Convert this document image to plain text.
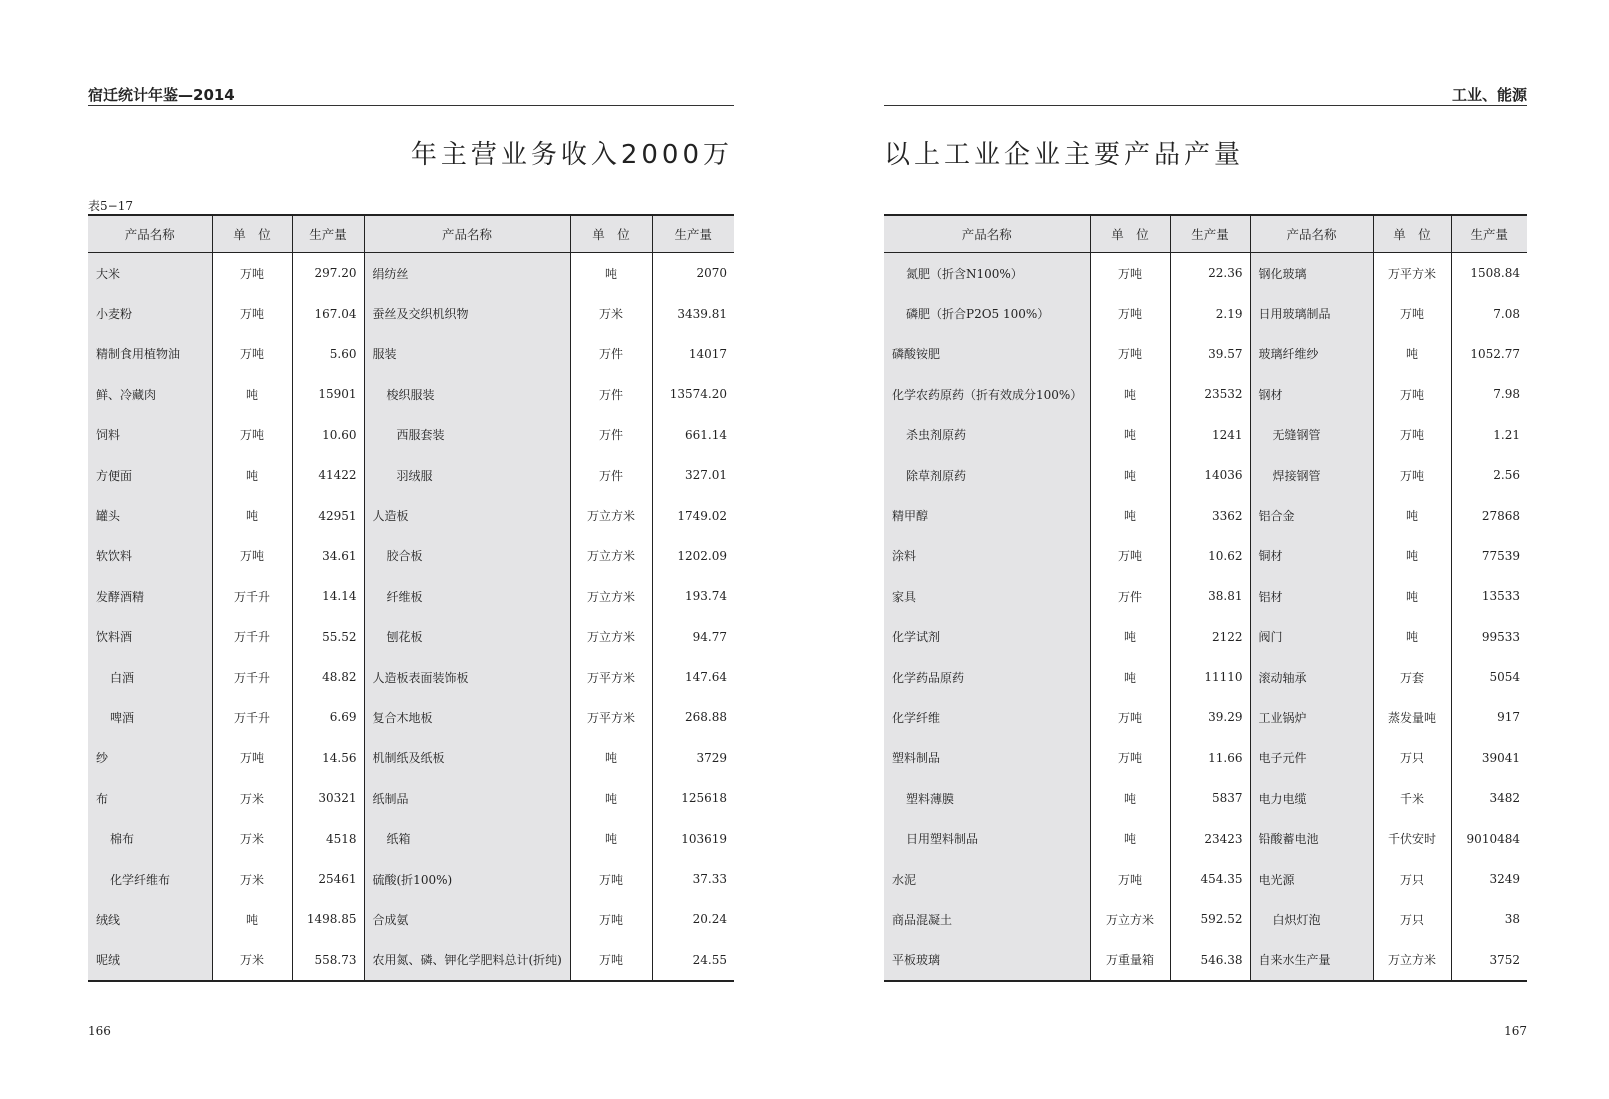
宿迁统计年鉴—2014	工业、能源
年主营业务收入2000万	以上工业企业主要产品产量
表5−17
产品名称	单　位	生产量	产品名称	单　位	生产量
大米	万吨	297.20	绢纺丝	吨	2070
小麦粉	万吨	167.04	蚕丝及交织机织物	万米	3439.81
精制食用植物油	万吨	5.60	服装	万件	14017
鲜、冷藏肉	吨	15901	梭织服装	万件	13574.20
饲料	万吨	10.60	西服套装	万件	661.14
方便面	吨	41422	羽绒服	万件	327.01
罐头	吨	42951	人造板	万立方米	1749.02
软饮料	万吨	34.61	胶合板	万立方米	1202.09
发酵酒精	万千升	14.14	纤维板	万立方米	193.74
饮料酒	万千升	55.52	刨花板	万立方米	94.77
白酒	万千升	48.82	人造板表面装饰板	万平方米	147.64
啤酒	万千升	6.69	复合木地板	万平方米	268.88
纱	万吨	14.56	机制纸及纸板	吨	3729
布	万米	30321	纸制品	吨	125618
棉布	万米	4518	纸箱	吨	103619
化学纤维布	万米	25461	硫酸(折100%)	万吨	37.33
绒线	吨	1498.85	合成氨	万吨	20.24
呢绒	万米	558.73	农用氮、磷、钾化学肥料总计(折纯)	万吨	24.55
产品名称	单　位	生产量	产品名称	单　位	生产量
氮肥（折含N100%）	万吨	22.36	钢化玻璃	万平方米	1508.84
磷肥（折合P2O5 100%）	万吨	2.19	日用玻璃制品	万吨	7.08
磷酸铵肥	万吨	39.57	玻璃纤维纱	吨	1052.77
化学农药原药（折有效成分100%）	吨	23532	钢材	万吨	7.98
杀虫剂原药	吨	1241	无缝钢管	万吨	1.21
除草剂原药	吨	14036	焊接钢管	万吨	2.56
精甲醇	吨	3362	铝合金	吨	27868
涂料	万吨	10.62	铜材	吨	77539
家具	万件	38.81	铝材	吨	13533
化学试剂	吨	2122	阀门	吨	99533
化学药品原药	吨	11110	滚动轴承	万套	5054
化学纤维	万吨	39.29	工业锅炉	蒸发量吨	917
塑料制品	万吨	11.66	电子元件	万只	39041
塑料薄膜	吨	5837	电力电缆	千米	3482
日用塑料制品	吨	23423	铅酸蓄电池	千伏安时	9010484
水泥	万吨	454.35	电光源	万只	3249
商品混凝土	万立方米	592.52	白炽灯泡	万只	38
平板玻璃	万重量箱	546.38	自来水生产量	万立方米	3752
166	167
